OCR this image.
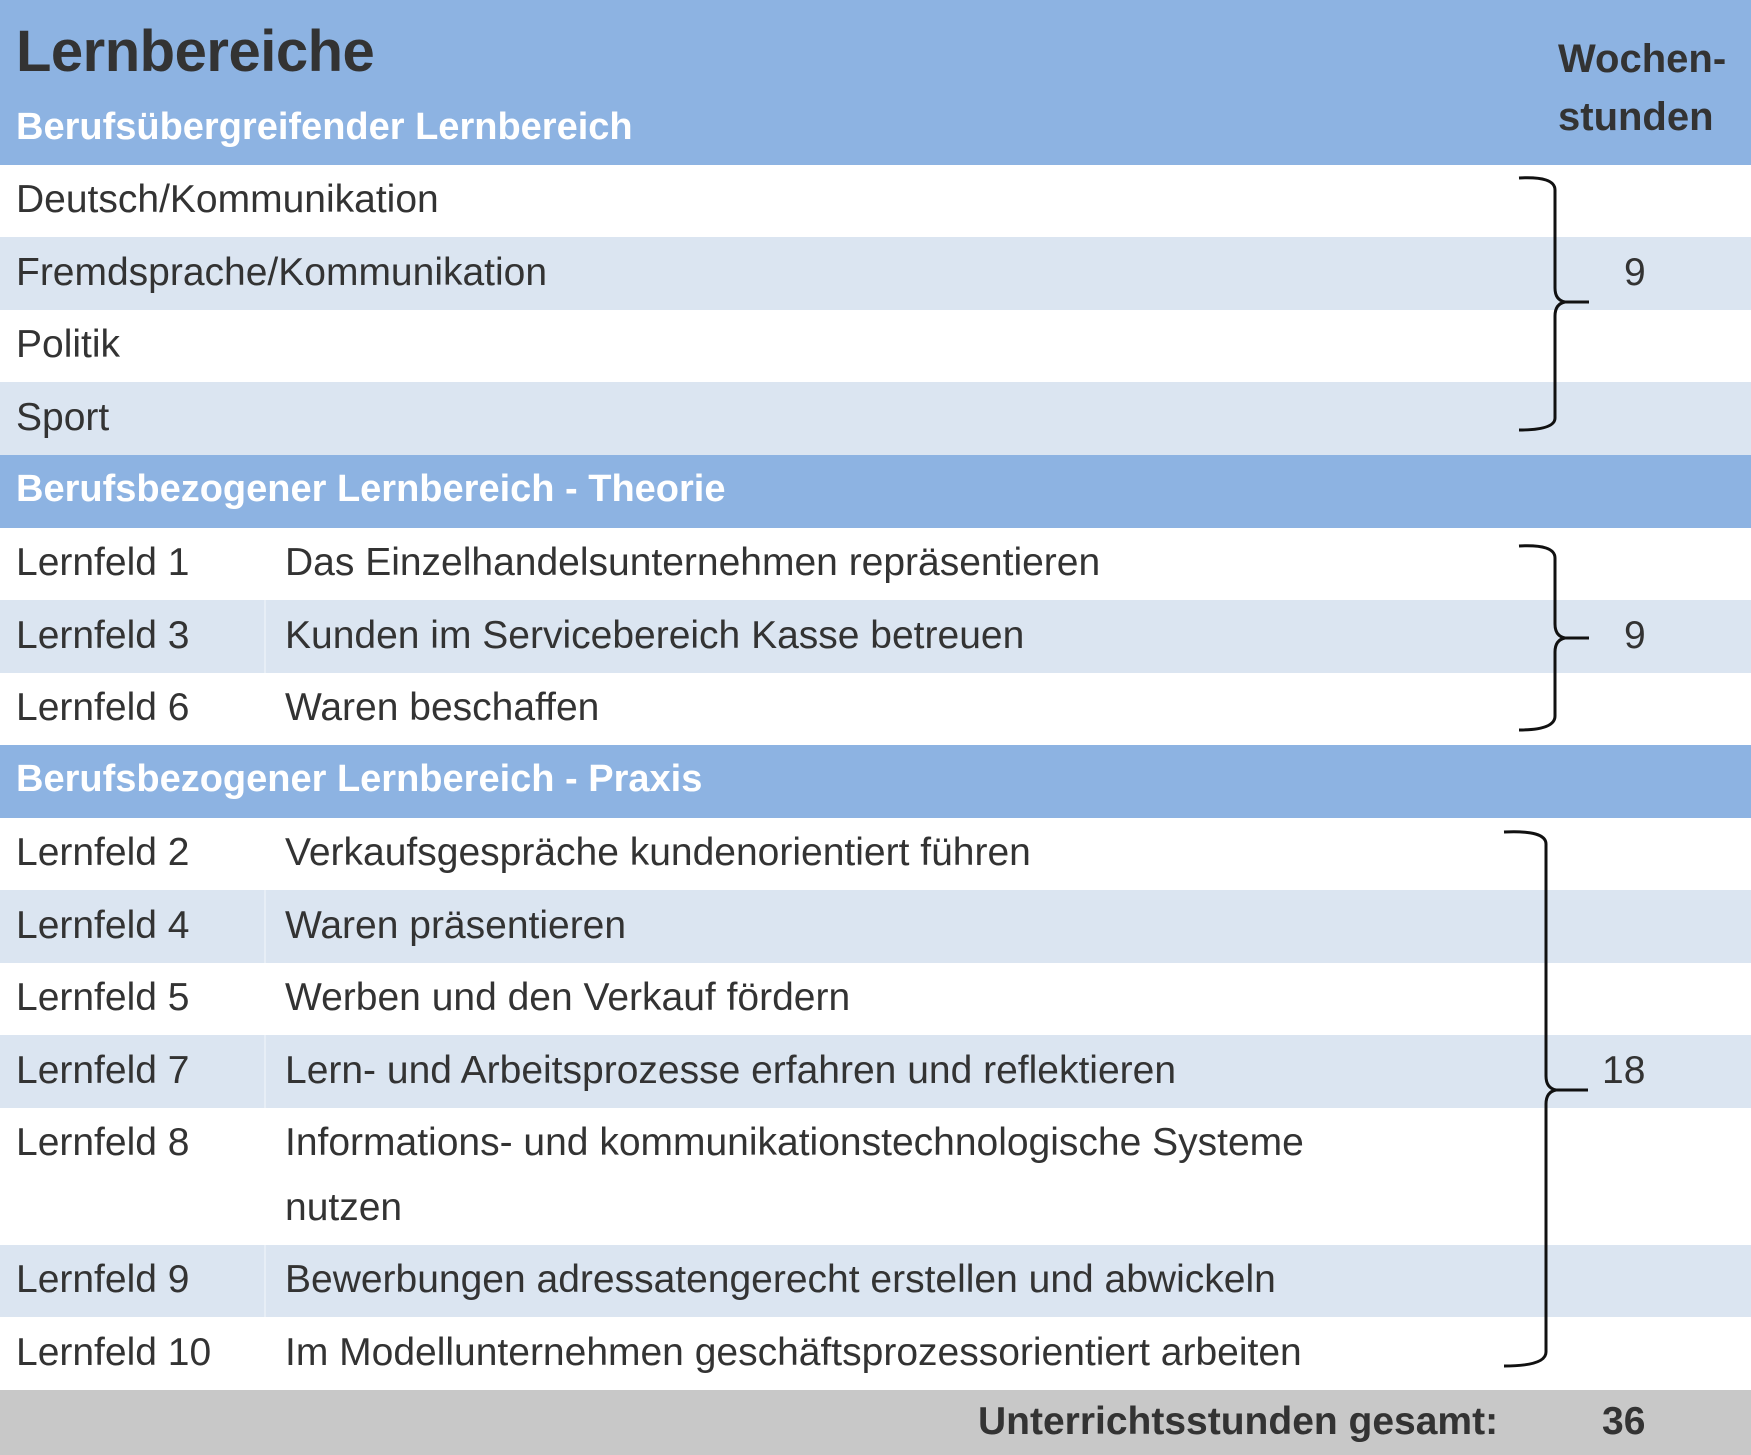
Lernbereiche	Wochen-
stunden
Berufsübergreifender Lernbereich
Deutsch/Kommunikation
Fremdsprache/Kommunikation
Politik
Sport
9
Berufsbezogener Lernbereich - Theorie
Lernfeld 1 Das Einzelhandelsunternehmen repräsentieren
Lernfeld 3 Kunden im Servicebereich Kasse betreuen
Lernfeld 6 Waren beschaffen
9
Berufsbezogener Lernbereich - Praxis
Lernfeld 2 Verkaufsgespräche kundenorientiert führen
Lernfeld 4 Waren präsentieren
Lernfeld 5 Werben und den Verkauf fördern
Lernfeld 7 Lern- und Arbeitsprozesse erfahren und reflektieren
Lernfeld 8 Informations- und kommunikationstechnologische Systeme
nutzen
Lernfeld 9 Bewerbungen adressatengerecht erstellen und abwickeln
Lernfeld 10 Im Modellunternehmen geschäftsprozessorientiert arbeiten
18
Unterrichtsstunden gesamt:	36
